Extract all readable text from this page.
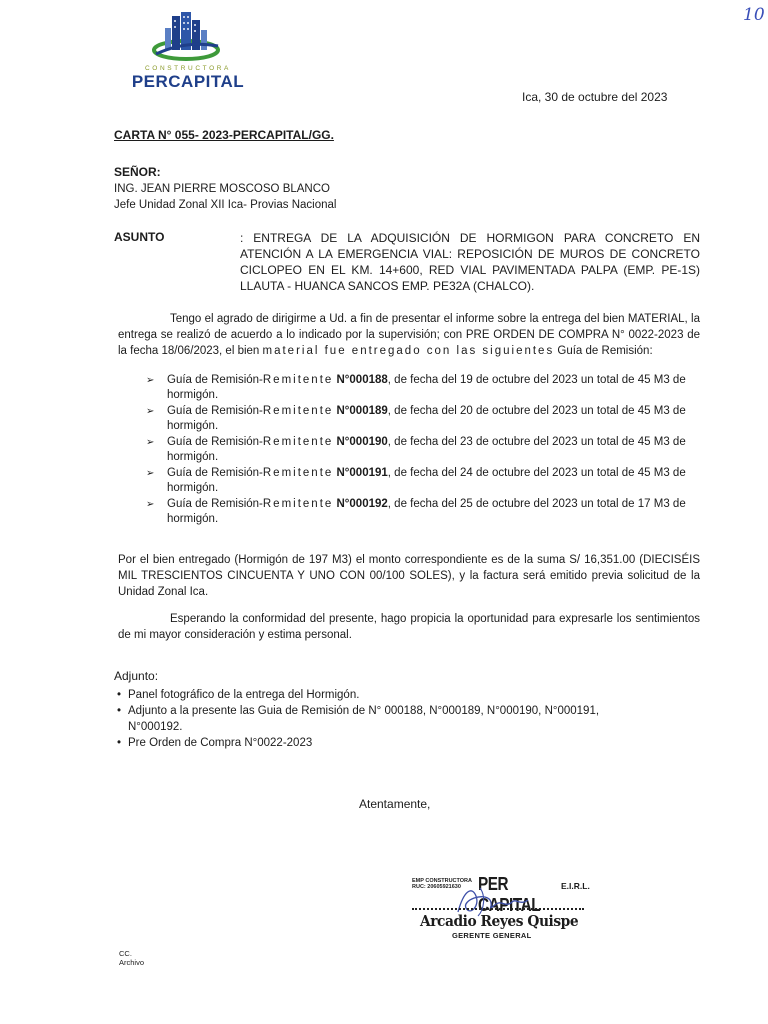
10
CONSTRUCTORA
PERCAPITAL
Ica, 30 de octubre del 2023
CARTA N° 055- 2023-PERCAPITAL/GG.
SEÑOR:
ING. JEAN PIERRE MOSCOSO BLANCO
Jefe Unidad Zonal XII Ica- Provias Nacional
ASUNTO	: ENTREGA DE LA ADQUISICIÓN DE HORMIGON PARA CONCRETO EN ATENCIÓN A LA EMERGENCIA VIAL: REPOSICIÓN DE MUROS DE CONCRETO CICLOPEO EN EL KM. 14+600, RED VIAL PAVIMENTADA PALPA (EMP. PE-1S) LLAUTA - HUANCA SANCOS EMP. PE32A (CHALCO).
Tengo el agrado de dirigirme a Ud. a fin de presentar el informe sobre la entrega del bien MATERIAL, la entrega se realizó de acuerdo a lo indicado por la supervisión; con PRE ORDEN DE COMPRA N° 0022-2023 de la fecha 18/06/2023, el bien material fue entregado con las siguientes Guía de Remisión:
➢ Guía de Remisión-Remitente N°000188, de fecha del 19 de octubre del 2023 un total de 45 M3 de hormigón.
➢ Guía de Remisión-Remitente N°000189, de fecha del 20 de octubre del 2023 un total de 45 M3 de hormigón.
➢ Guía de Remisión-Remitente N°000190, de fecha del 23 de octubre del 2023 un total de 45 M3 de hormigón.
➢ Guía de Remisión-Remitente N°000191, de fecha del 24 de octubre del 2023 un total de 45 M3 de hormigón.
➢ Guía de Remisión-Remitente N°000192, de fecha del 25 de octubre del 2023 un total de 17 M3 de hormigón.
Por el bien entregado (Hormigón de 197 M3) el monto correspondiente es de la suma S/ 16,351.00 (DIECISÉIS MIL TRESCIENTOS CINCUENTA Y UNO CON 00/100 SOLES), y la factura será emitido previa solicitud de la Unidad Zonal Ica.
Esperando la conformidad del presente, hago propicia la oportunidad para expresarle los sentimientos de mi mayor consideración y estima personal.
Adjunto:
• Panel fotográfico de la entrega del Hormigón.
• Adjunto a la presente las Guia de Remisión de N° 000188, N°000189, N°000190, N°000191, N°000192.
• Pre Orden de Compra N°0022-2023
Atentamente,
EMP CONSTRUCTORA
RUC: 20605921630 PER CAPITAL
E.I.R.L.
Arcadio Reyes Quispe
GERENTE GENERAL
CC.
Archivo
